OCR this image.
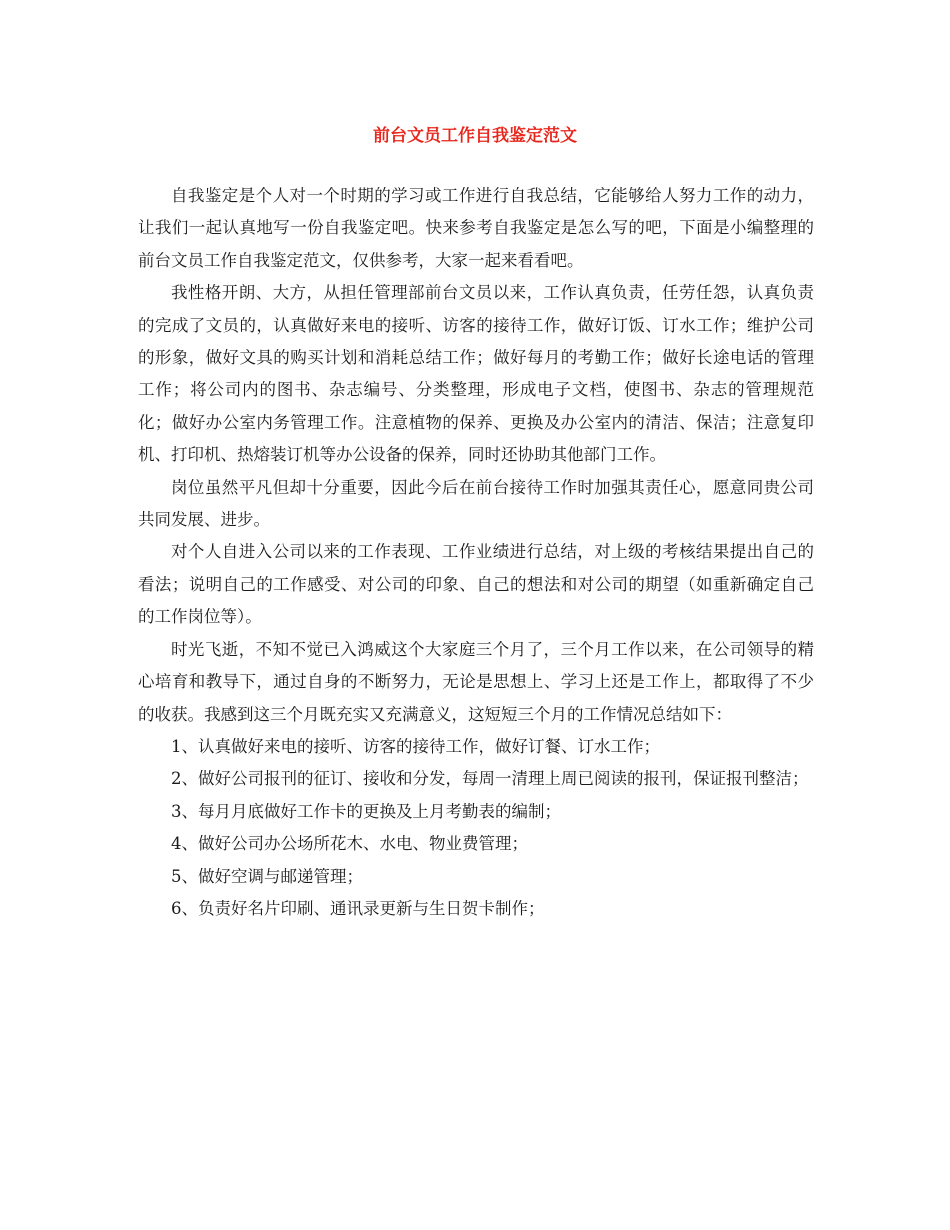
前台文员工作自我鉴定范文

自我鉴定是个人对一个时期的学习或工作进行自我总结，它能够给人努力工作的动力，让我们一起认真地写一份自我鉴定吧。快来参考自我鉴定是怎么写的吧，下面是小编整理的前台文员工作自我鉴定范文，仅供参考，大家一起来看看吧。

我性格开朗、大方，从担任管理部前台文员以来，工作认真负责，任劳任怨，认真负责的完成了文员的，认真做好来电的接听、访客的接待工作，做好订饭、订水工作；维护公司的形象，做好文具的购买计划和消耗总结工作；做好每月的考勤工作；做好长途电话的管理工作；将公司内的图书、杂志编号、分类整理，形成电子文档，使图书、杂志的管理规范化；做好办公室内务管理工作。注意植物的保养、更换及办公室内的清洁、保洁；注意复印机、打印机、热熔装订机等办公设备的保养，同时还协助其他部门工作。

岗位虽然平凡但却十分重要，因此今后在前台接待工作时加强其责任心，愿意同贵公司共同发展、进步。

对个人自进入公司以来的工作表现、工作业绩进行总结，对上级的考核结果提出自己的看法；说明自己的工作感受、对公司的印象、自己的想法和对公司的期望（如重新确定自己的工作岗位等）。

时光飞逝，不知不觉已入鸿威这个大家庭三个月了，三个月工作以来，在公司领导的精心培育和教导下，通过自身的不断努力，无论是思想上、学习上还是工作上，都取得了不少的收获。我感到这三个月既充实又充满意义，这短短三个月的工作情况总结如下：

1、认真做好来电的接听、访客的接待工作，做好订餐、订水工作；

2、做好公司报刊的征订、接收和分发，每周一清理上周已阅读的报刊，保证报刊整洁；

3、每月月底做好工作卡的更换及上月考勤表的编制；

4、做好公司办公场所花木、水电、物业费管理；

5、做好空调与邮递管理；

6、负责好名片印刷、通讯录更新与生日贺卡制作；
